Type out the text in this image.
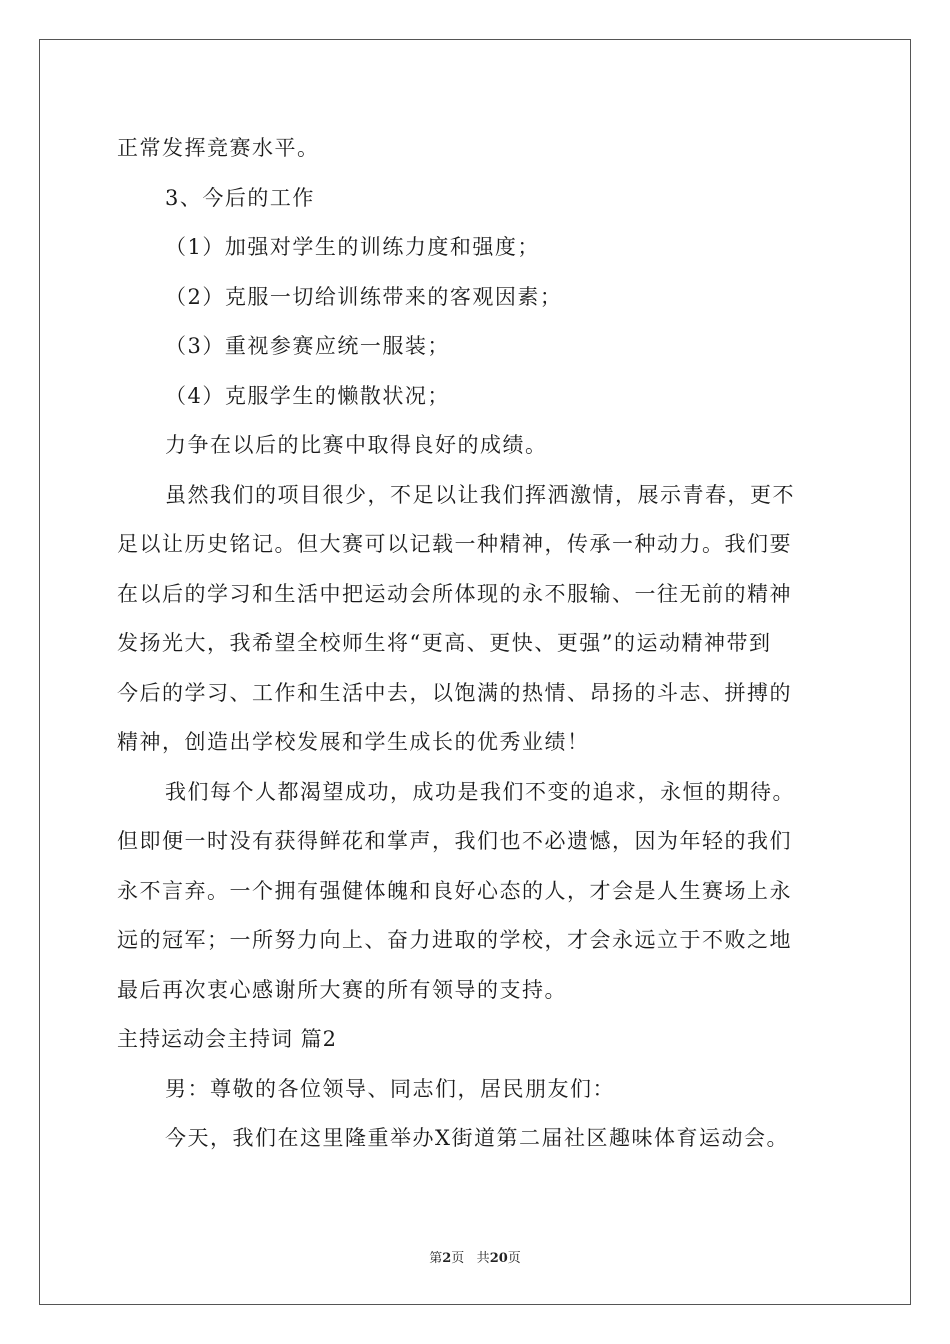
正常发挥竞赛水平。
3、今后的工作
（1）加强对学生的训练力度和强度；
（2）克服一切给训练带来的客观因素；
（3）重视参赛应统一服装；
（4）克服学生的懒散状况；
力争在以后的比赛中取得良好的成绩。
虽然我们的项目很少，不足以让我们挥洒激情，展示青春，更不
足以让历史铭记。但大赛可以记载一种精神，传承一种动力。我们要
在以后的学习和生活中把运动会所体现的永不服输、一往无前的精神
发扬光大，我希望全校师生将“更高、更快、更强”的运动精神带到
今后的学习、工作和生活中去，以饱满的热情、昂扬的斗志、拼搏的
精神，创造出学校发展和学生成长的优秀业绩！
我们每个人都渴望成功，成功是我们不变的追求，永恒的期待。
但即便一时没有获得鲜花和掌声，我们也不必遗憾，因为年轻的我们
永不言弃。一个拥有强健体魄和良好心态的人，才会是人生赛场上永
远的冠军；一所努力向上、奋力进取的学校，才会永远立于不败之地
最后再次衷心感谢所大赛的所有领导的支持。
主持运动会主持词 篇2
男：尊敬的各位领导、同志们，居民朋友们：
今天，我们在这里隆重举办X街道第二届社区趣味体育运动会。
第2页 共20页
